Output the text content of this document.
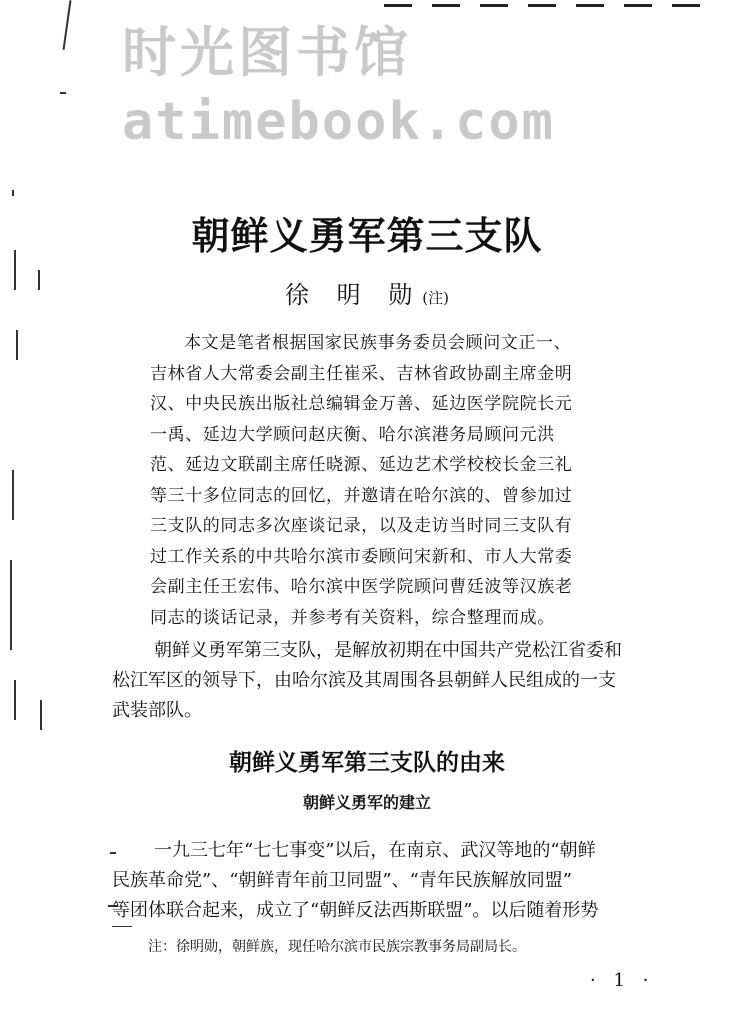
时光图书馆
atimebook.com
朝鲜义勇军第三支队
徐 明 勋(注)

本文是笔者根据国家民族事务委员会顾问文正一、
吉林省人大常委会副主任崔采、吉林省政协副主席金明
汉、中央民族出版社总编辑金万善、延边医学院院长元
一禹、延边大学顾问赵庆衡、哈尔滨港务局顾问元洪
范、延边文联副主席任晓源、延边艺术学校校长金三礼
等三十多位同志的回忆，并邀请在哈尔滨的、曾参加过
三支队的同志多次座谈记录，以及走访当时同三支队有
过工作关系的中共哈尔滨市委顾问宋新和、市人大常委
会副主任王宏伟、哈尔滨中医学院顾问曹廷波等汉族老
同志的谈话记录，并参考有关资料，综合整理而成。

朝鲜义勇军第三支队，是解放初期在中国共产党松江省委和
松江军区的领导下，由哈尔滨及其周围各县朝鲜人民组成的一支
武装部队。
朝鲜义勇军第三支队的由来
朝鲜义勇军的建立
一九三七年“七七事变”以后，在南京、武汉等地的“朝鲜
民族革命党”、“朝鲜青年前卫同盟”、“青年民族解放同盟”
等团体联合起来，成立了“朝鲜反法西斯联盟”。以后随着形势
注：徐明勋，朝鲜族，现任哈尔滨市民族宗教事务局副局长。
· 1 ·
